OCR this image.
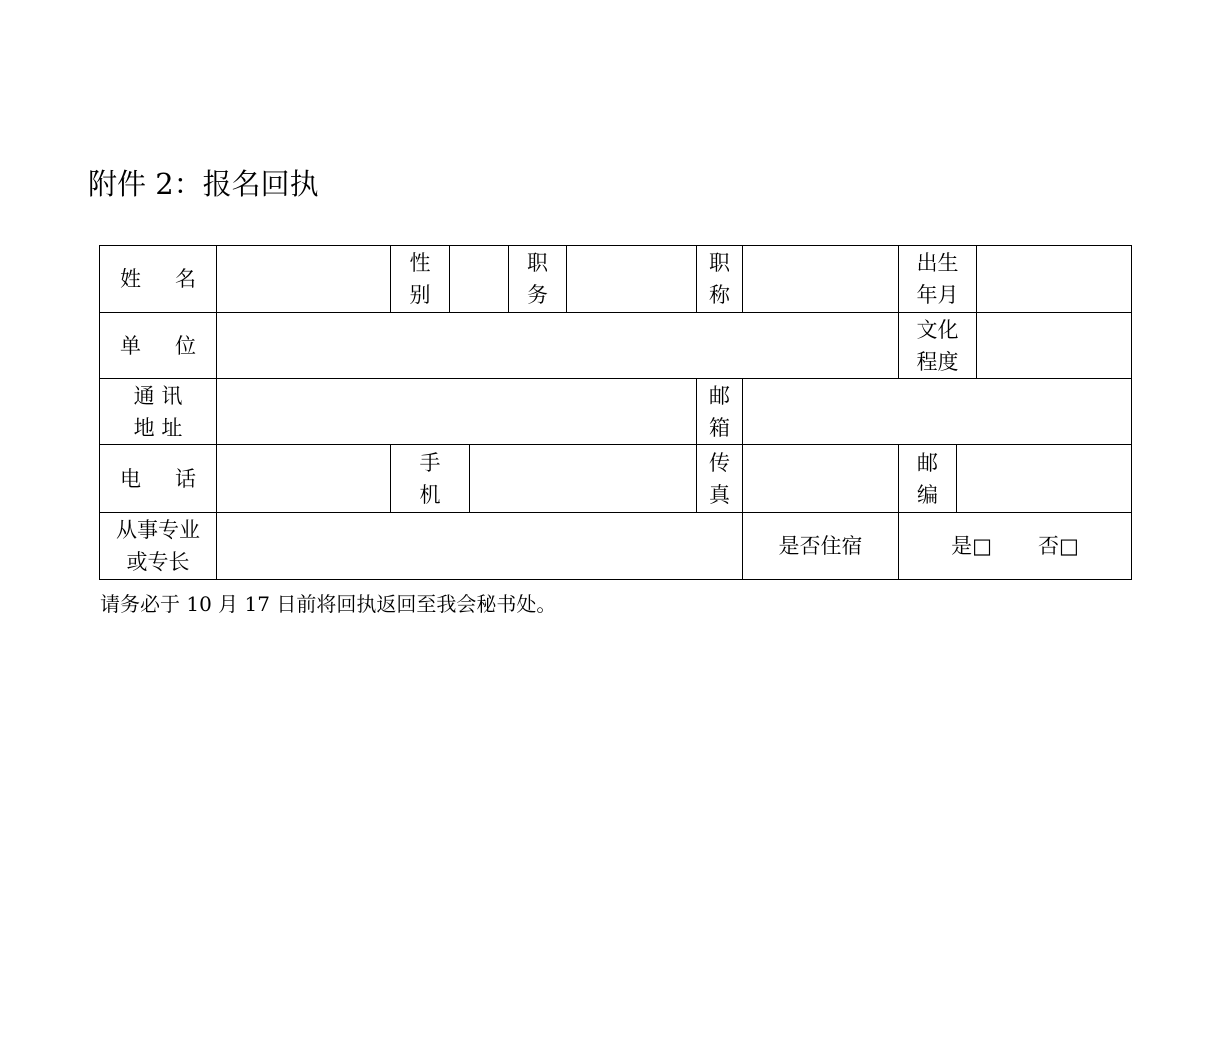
附件 2：报名回执
姓 名
性
别
职
务
职
称
出生
年月
单 位
文化
程度
通 讯
地 址
邮
箱
电 话
手
机
传
真
邮
编
从事专业
或专长
是否住宿	是□ 否□
请务必于 10 月 17 日前将回执返回至我会秘书处。
